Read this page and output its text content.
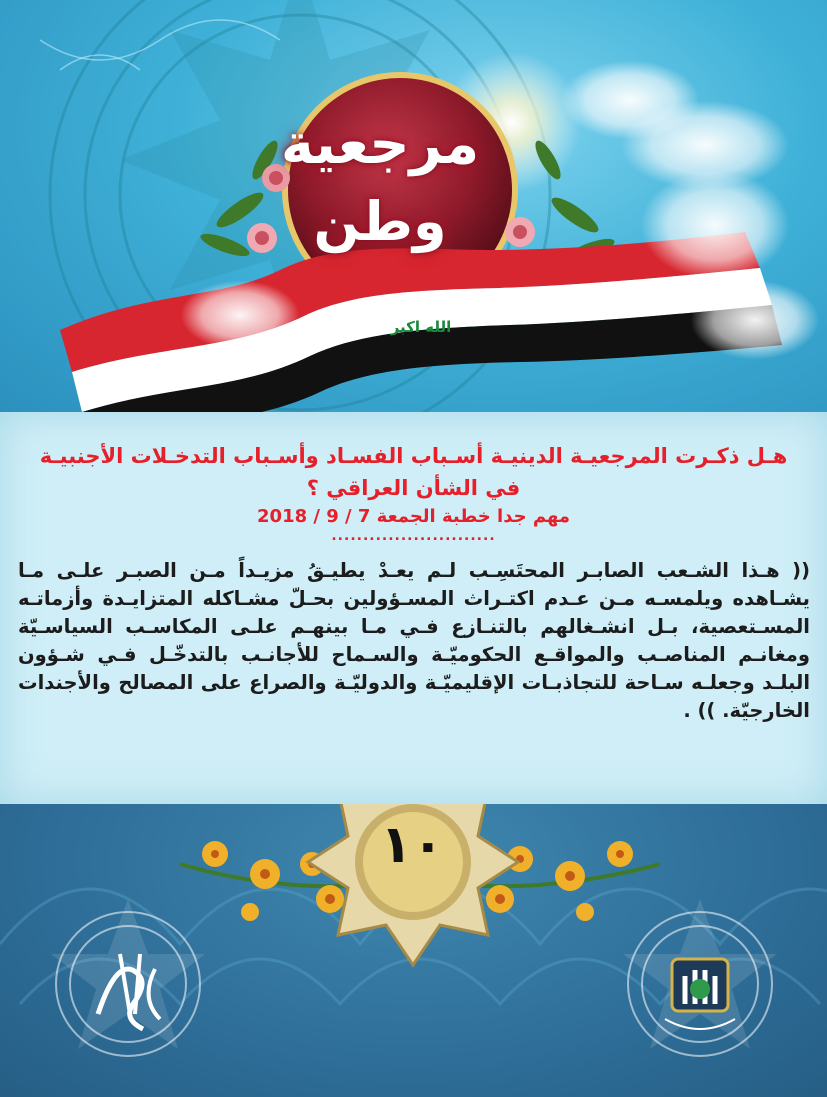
مرجعية
وطن
الله اكبر

هـل ذكـرت المرجعيـة الدينيـة أسـباب الفسـاد وأسـباب التدخـلات الأجنبيـة

في الشأن العراقي ؟

مهم جدا خطبة الجمعة 7 / 9 / 2018

..........................

(( هـذا الشـعب الصابـر المحتَسِـب لـم يعـدْ يطيـقُ مزيـداً مـن الصبـر علـى مـا يشـاهده ويلمسـه مـن عـدم اكتـراث المسـؤولين بحـلّ مشـاكله المتزايـدة وأزماتـه المسـتعصية، بـل انشـغالهم بالتنـازع فـي مـا بينهـم علـى المكاسـب السياسـيّة ومغانـم المناصـب والمواقـع الحكوميّـة والسـماح للأجانـب بالتدخّـل فـي شـؤون البلـد وجعلـه سـاحة للتجاذبـات الإقليميّـة والدوليّـة والصراع على المصالح والأجندات الخارجيّة. )) .

١٠
